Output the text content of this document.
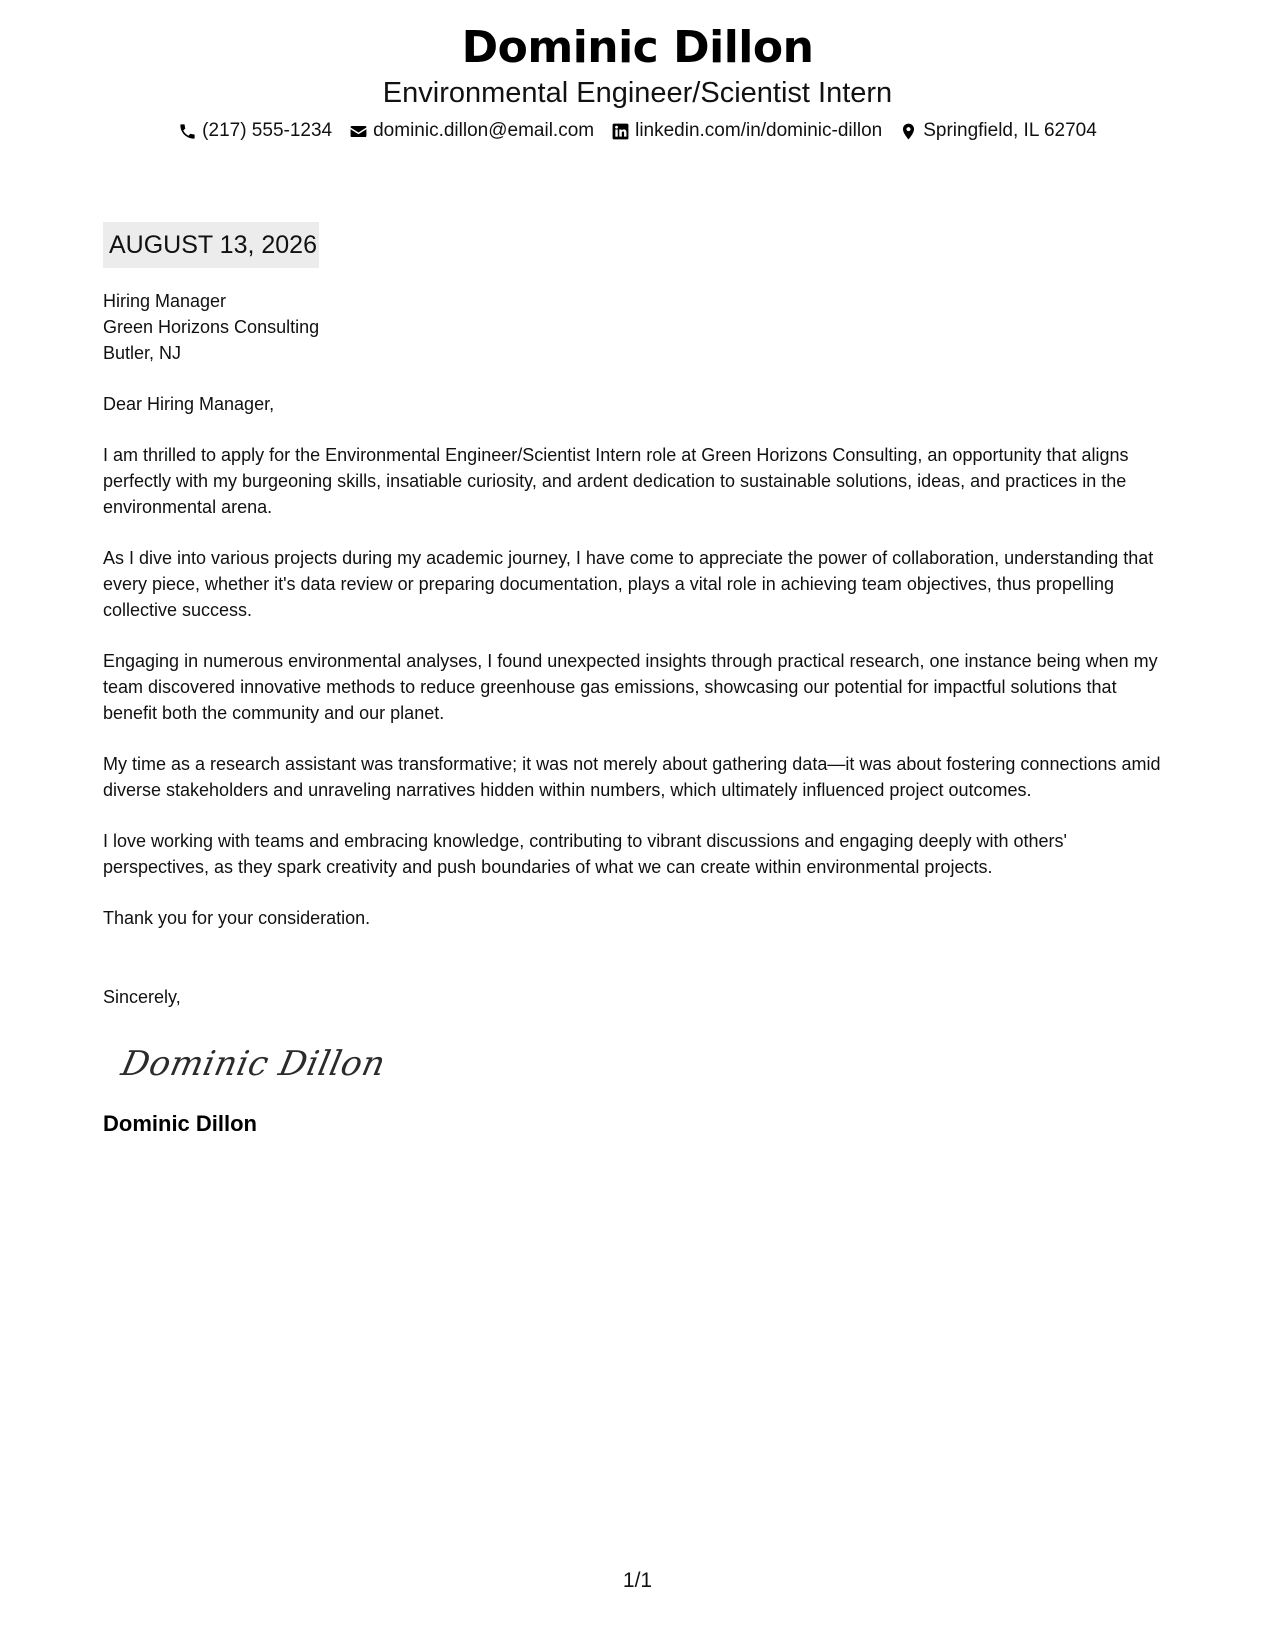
Dominic Dillon
Environmental Engineer/Scientist Intern
(217) 555-1234 dominic.dillon@email.com linkedin.com/in/dominic-dillon Springfield, IL 62704
AUGUST 13, 2026
Hiring Manager
Green Horizons Consulting
Butler, NJ
Dear Hiring Manager,

I am thrilled to apply for the Environmental Engineer/Scientist Intern role at Green Horizons Consulting, an opportunity that aligns perfectly with my burgeoning skills, insatiable curiosity, and ardent dedication to sustainable solutions, ideas, and practices in the environmental arena.

As I dive into various projects during my academic journey, I have come to appreciate the power of collaboration, understanding that every piece, whether it's data review or preparing documentation, plays a vital role in achieving team objectives, thus propelling collective success.

Engaging in numerous environmental analyses, I found unexpected insights through practical research, one instance being when my team discovered innovative methods to reduce greenhouse gas emissions, showcasing our potential for impactful solutions that benefit both the community and our planet.

My time as a research assistant was transformative; it was not merely about gathering data—it was about fostering connections amid diverse stakeholders and unraveling narratives hidden within numbers, which ultimately influenced project outcomes.

I love working with teams and embracing knowledge, contributing to vibrant discussions and engaging deeply with others' perspectives, as they spark creativity and push boundaries of what we can create within environmental projects.

Thank you for your consideration.

Sincerely,
Dominic Dillon
Dominic Dillon
1/1
